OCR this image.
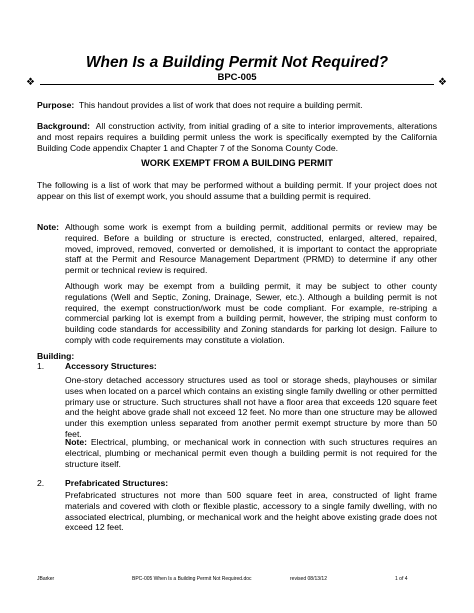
When Is a Building Permit Not Required?
BPC-005
❖	❖
Purpose: This handout provides a list of work that does not require a building permit.
Background: All construction activity, from initial grading of a site to interior improvements, alterations and most repairs requires a building permit unless the work is specifically exempted by the California Building Code appendix Chapter 1 and Chapter 7 of the Sonoma County Code.
WORK EXEMPT FROM A BUILDING PERMIT
The following is a list of work that may be performed without a building permit. If your project does not appear on this list of exempt work, you should assume that a building permit is required.
Note: Although some work is exempt from a building permit, additional permits or review may be required. Before a building or structure is erected, constructed, enlarged, altered, repaired, moved, improved, removed, converted or demolished, it is important to contact the appropriate staff at the Permit and Resource Management Department (PRMD) to determine if any other permit or technical review is required.
Although work may be exempt from a building permit, it may be subject to other county regulations (Well and Septic, Zoning, Drainage, Sewer, etc.). Although a building permit is not required, the exempt construction/work must be code compliant. For example, re-striping a commercial parking lot is exempt from a building permit, however, the striping must conform to building code standards for accessibility and Zoning standards for parking lot design. Failure to comply with code requirements may constitute a violation.
Building:
1. Accessory Structures:
One-story detached accessory structures used as tool or storage sheds, playhouses or similar uses when located on a parcel which contains an existing single family dwelling or other permitted primary use or structure. Such structures shall not have a floor area that exceeds 120 square feet and the height above grade shall not exceed 12 feet. No more than one structure may be allowed under this exemption unless separated from another permit exempt structure by more than 50 feet.
Note: Electrical, plumbing, or mechanical work in connection with such structures requires an electrical, plumbing or mechanical permit even though a building permit is not required for the structure itself.
2. Prefabricated Structures:
Prefabricated structures not more than 500 square feet in area, constructed of light frame materials and covered with cloth or flexible plastic, accessory to a single family dwelling, with no associated electrical, plumbing, or mechanical work and the height above existing grade does not exceed 12 feet.
JBarker	BPC-005 When Is a Building Permit Not Required.doc	revised 08/13/12	1 of 4
